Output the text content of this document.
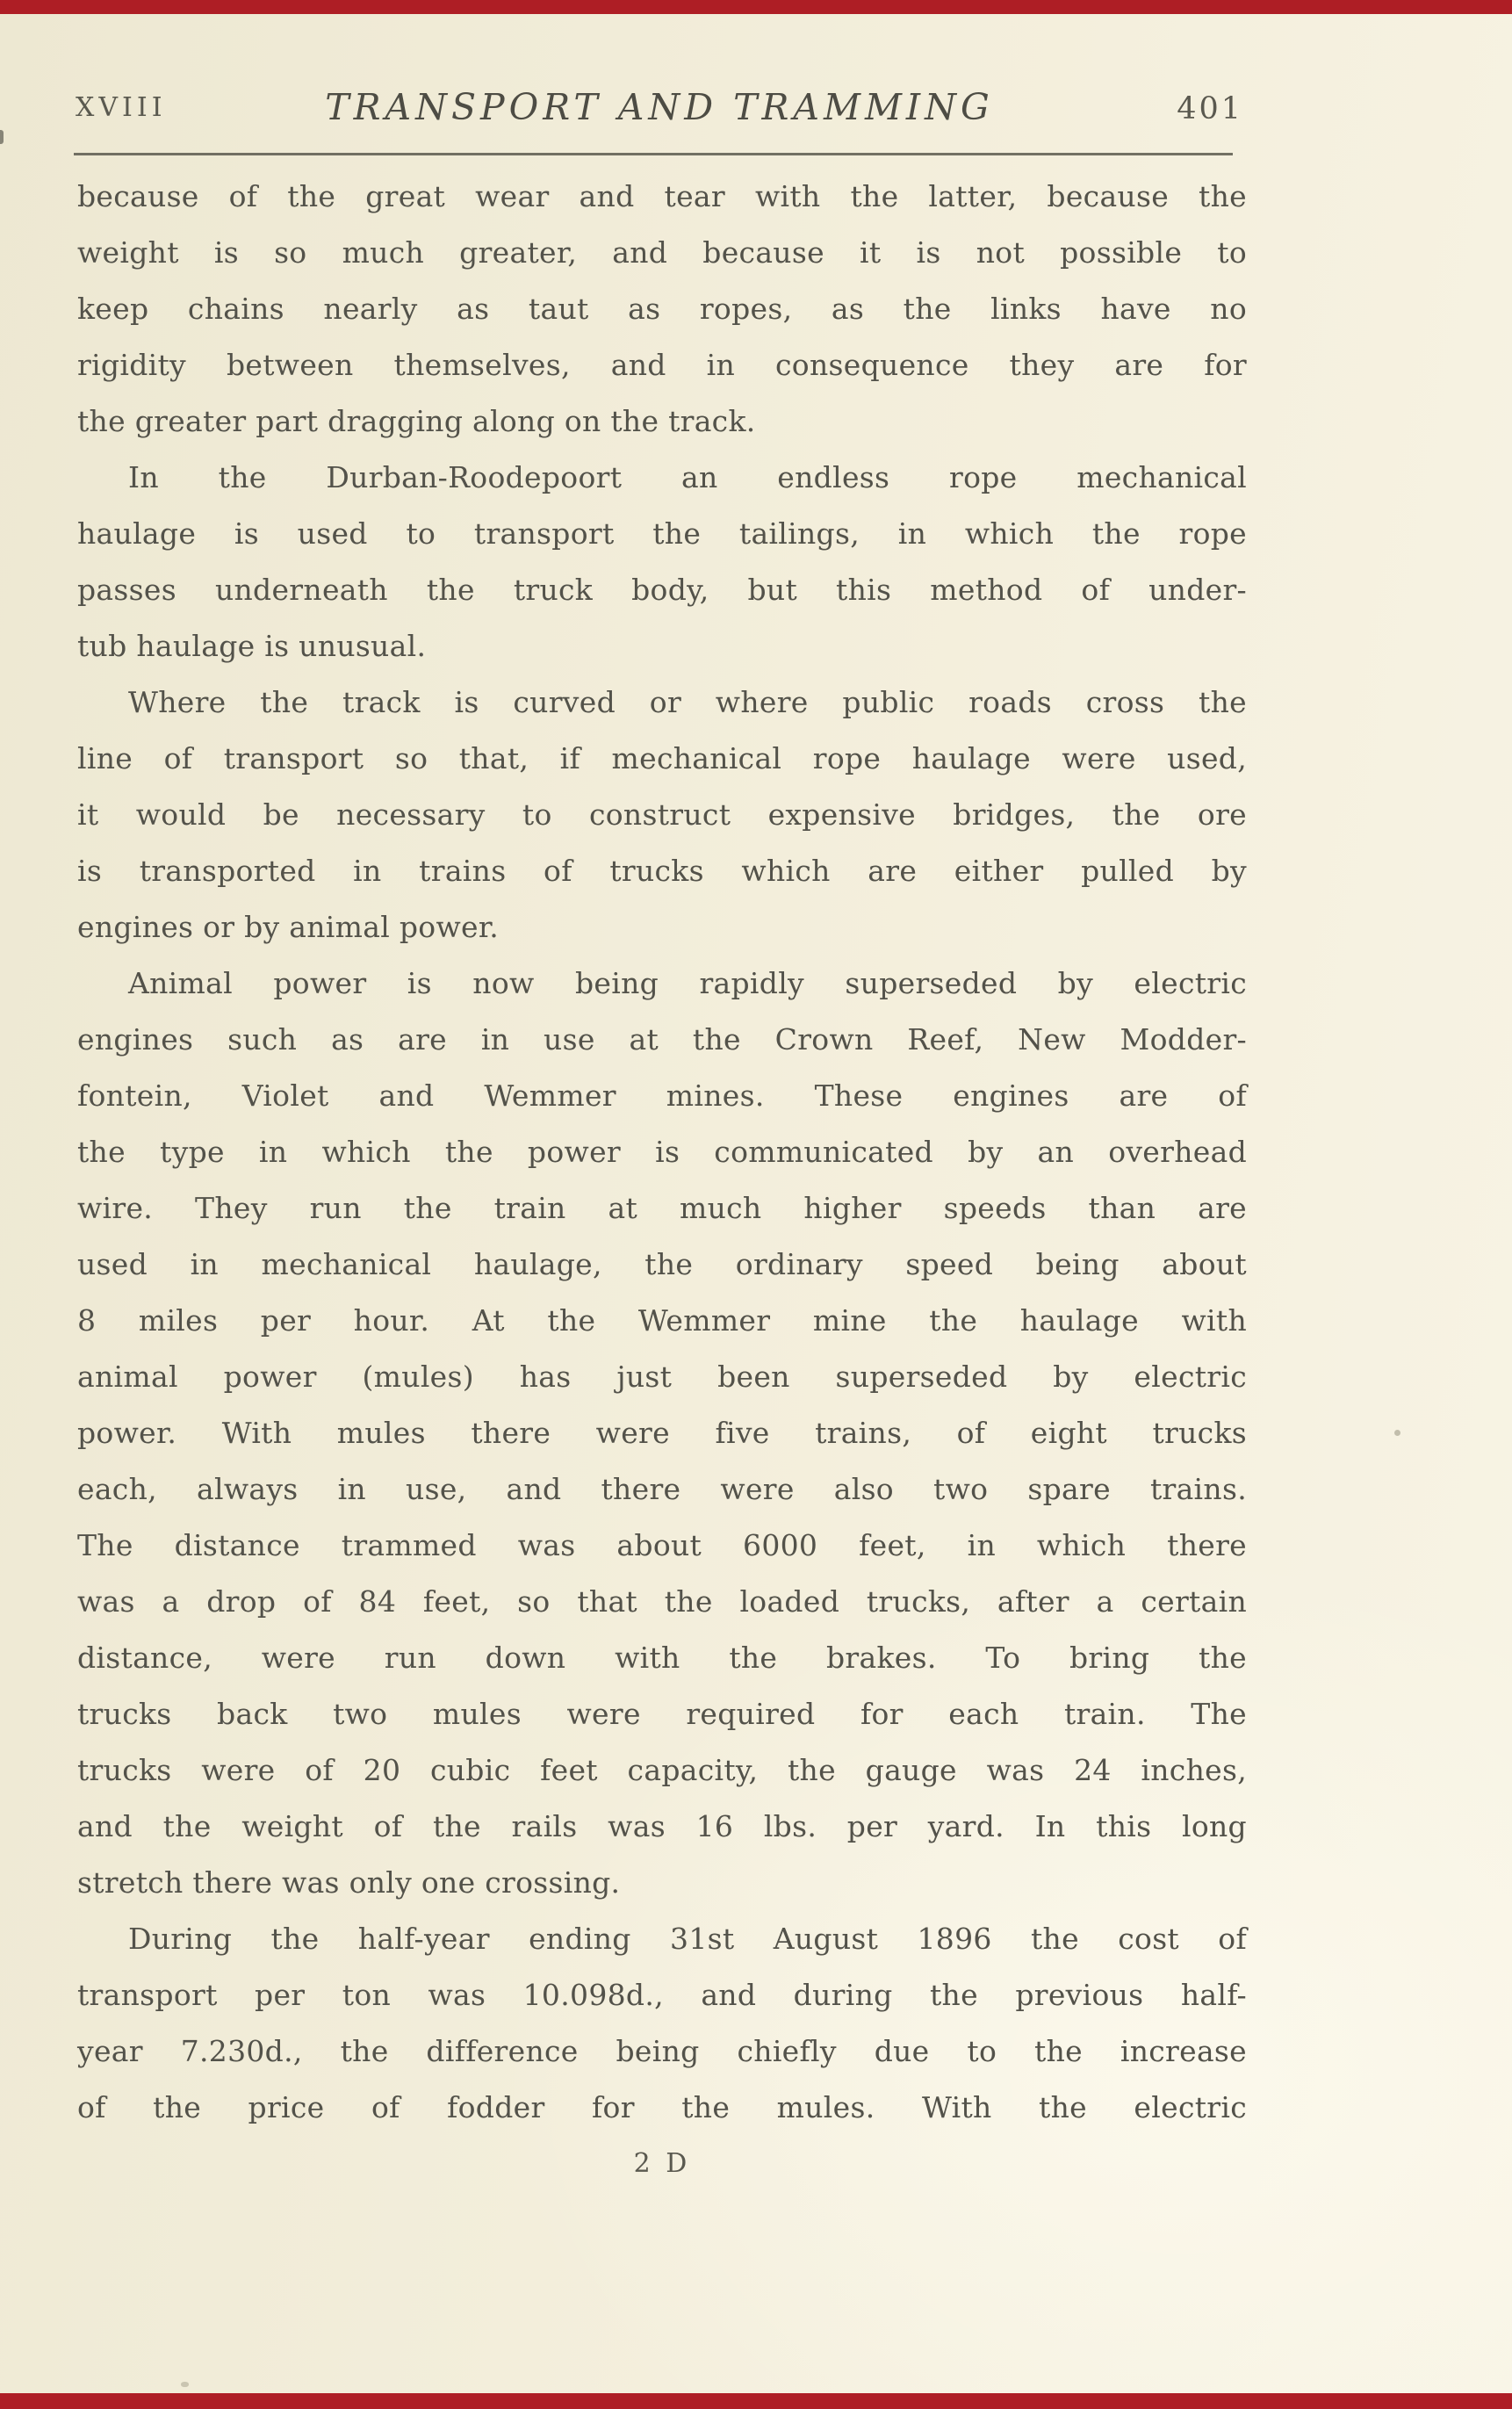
XVIII	TRANSPORT AND TRAMMING	401
because of the great wear and tear with the latter, because the
weight is so much greater, and because it is not possible to
keep chains nearly as taut as ropes, as the links have no
rigidity between themselves, and in consequence they are for
the greater part dragging along on the track.
In the Durban-Roodepoort an endless rope mechanical
haulage is used to transport the tailings, in which the rope
passes underneath the truck body, but this method of under-
tub haulage is unusual.
Where the track is curved or where public roads cross the
line of transport so that, if mechanical rope haulage were used,
it would be necessary to construct expensive bridges, the ore
is transported in trains of trucks which are either pulled by
engines or by animal power.
Animal power is now being rapidly superseded by electric
engines such as are in use at the Crown Reef, New Modder-
fontein, Violet and Wemmer mines. These engines are of
the type in which the power is communicated by an overhead
wire. They run the train at much higher speeds than are
used in mechanical haulage, the ordinary speed being about
8 miles per hour. At the Wemmer mine the haulage with
animal power (mules) has just been superseded by electric
power. With mules there were five trains, of eight trucks
each, always in use, and there were also two spare trains.
The distance trammed was about 6000 feet, in which there
was a drop of 84 feet, so that the loaded trucks, after a certain
distance, were run down with the brakes. To bring the
trucks back two mules were required for each train. The
trucks were of 20 cubic feet capacity, the gauge was 24 inches,
and the weight of the rails was 16 lbs. per yard. In this long
stretch there was only one crossing.
During the half-year ending 31st August 1896 the cost of
transport per ton was 10.098d., and during the previous half-
year 7.230d., the difference being chiefly due to the increase
of the price of fodder for the mules. With the electric
2 D
